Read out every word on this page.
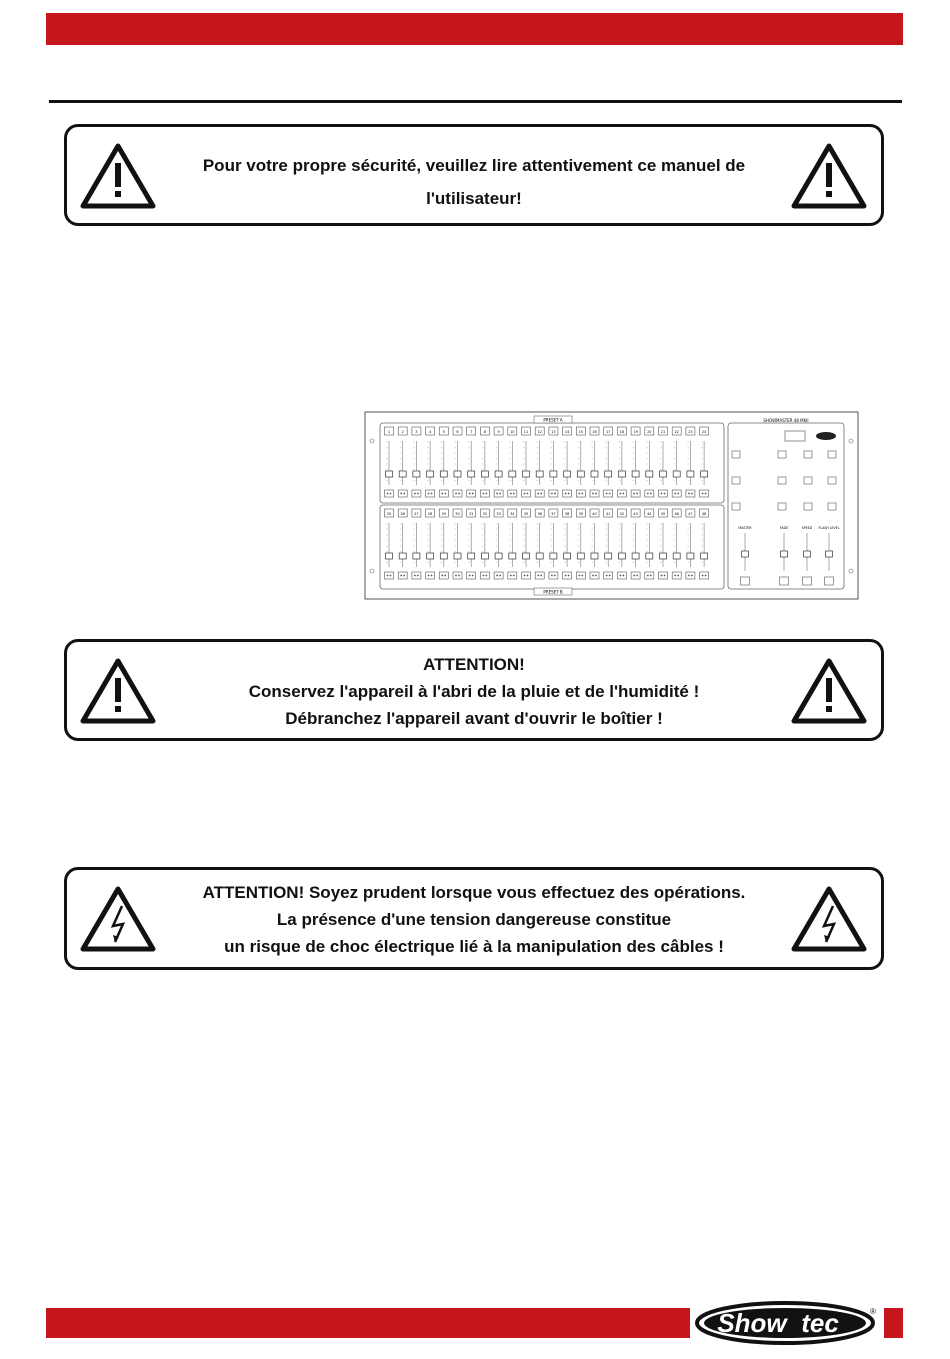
Pour votre propre sécurité, veuillez lire attentivement ce manuel de
l'utilisateur!
PRESET A
PRESET B
SHOWMASTER 48 MKII
1	2	3	4	5	6	7	8	9	10	11	12	13	14	15	16	17	18	19	20	21	22	23	24
25	26	27	28	29	30	31	32	33	34	35	36	37	38	39	40	41	42	43	44	45	46	47	48
MASTER	FADE	SPEED FLASH LEVEL
ATTENTION!
Conservez l'appareil à l'abri de la pluie et de l'humidité !
Débranchez l'appareil avant d'ouvrir le boîtier !
ATTENTION! Soyez prudent lorsque vous effectuez des opérations.
La présence d'une tension dangereuse constitue
un risque de choc électrique lié à la manipulation des câbles !
Show tec	®
